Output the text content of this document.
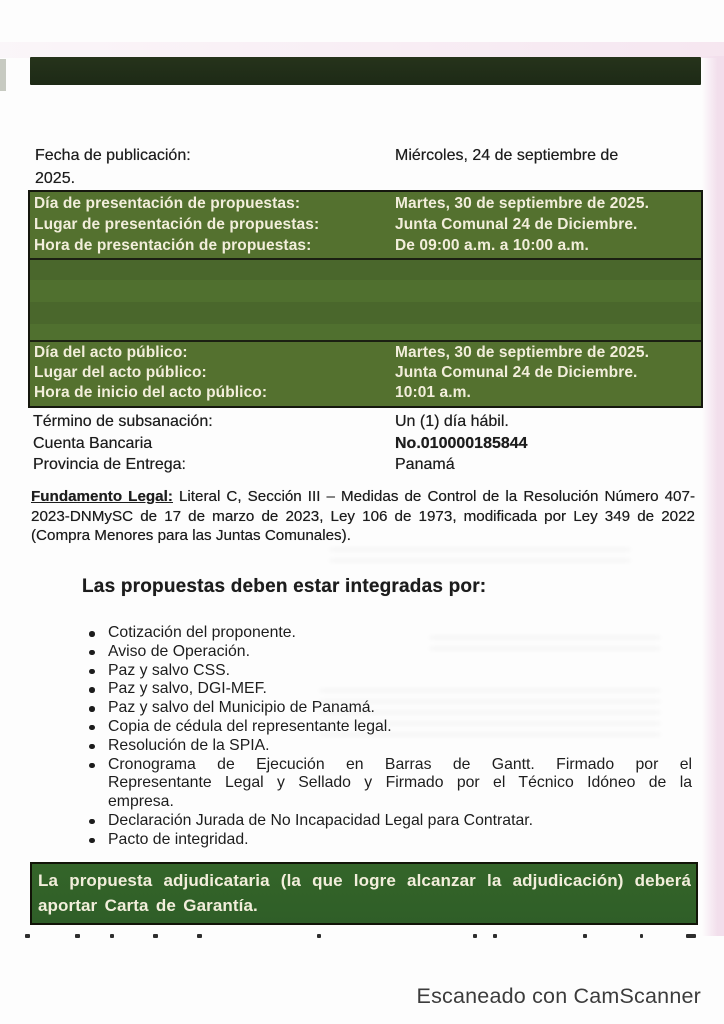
Fecha de publicación:	Miércoles, 24 de septiembre de
2025.
Día de presentación de propuestas:	Martes, 30 de septiembre de 2025.
Lugar de presentación de propuestas:	Junta Comunal 24 de Diciembre.
Hora de presentación de propuestas:	De 09:00 a.m. a 10:00 a.m.
Día del acto público:	Martes, 30 de septiembre de 2025.
Lugar del acto público:	Junta Comunal 24 de Diciembre.
Hora de inicio del acto público:	10:01 a.m.
Término de subsanación:	Un (1) día hábil.
Cuenta Bancaria	No.010000185844
Provincia de Entrega:	Panamá
Fundamento Legal: Literal C, Sección III – Medidas de Control de la Resolución Número 407-2023-DNMySC de 17 de marzo de 2023, Ley 106 de 1973, modificada por Ley 349 de 2022 (Compra Menores para las Juntas Comunales).
Las propuestas deben estar integradas por:
Cotización del proponente.
Aviso de Operación.
Paz y salvo CSS.
Paz y salvo, DGI-MEF.
Paz y salvo del Municipio de Panamá.
Copia de cédula del representante legal.
Resolución de la SPIA.
Cronograma de Ejecución en Barras de Gantt. Firmado por el Representante Legal y Sellado y Firmado por el Técnico Idóneo de la empresa.
Declaración Jurada de No Incapacidad Legal para Contratar.
Pacto de integridad.
La propuesta adjudicataria (la que logre alcanzar la adjudicación) deberá aportar Carta de Garantía.
Escaneado con CamScanner
